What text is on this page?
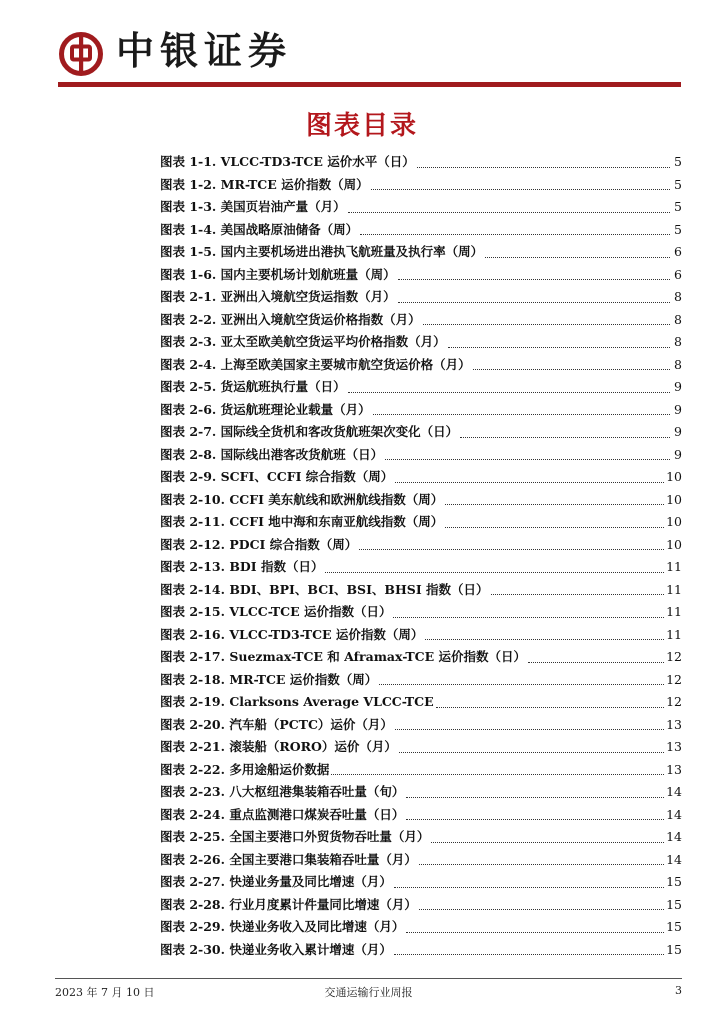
中银证券
图表目录
图表 1-1. VLCC-TD3-TCE 运价水平（日）	5
图表 1-2. MR-TCE 运价指数（周）	5
图表 1-3. 美国页岩油产量（月）	5
图表 1-4. 美国战略原油储备（周）	5
图表 1-5. 国内主要机场进出港执飞航班量及执行率（周）	6
图表 1-6. 国内主要机场计划航班量（周）	6
图表 2-1. 亚洲出入境航空货运指数（月）	8
图表 2-2. 亚洲出入境航空货运价格指数（月）	8
图表 2-3. 亚太至欧美航空货运平均价格指数（月）	8
图表 2-4. 上海至欧美国家主要城市航空货运价格（月）	8
图表 2-5. 货运航班执行量（日）	9
图表 2-6. 货运航班理论业载量（月）	9
图表 2-7. 国际线全货机和客改货航班架次变化（日）	9
图表 2-8. 国际线出港客改货航班（日）	9
图表 2-9. SCFI、CCFI 综合指数（周）	10
图表 2-10. CCFI 美东航线和欧洲航线指数（周）	10
图表 2-11. CCFI 地中海和东南亚航线指数（周）	10
图表 2-12. PDCI 综合指数（周）	10
图表 2-13. BDI 指数（日）	11
图表 2-14. BDI、BPI、BCI、BSI、BHSI 指数（日）	11
图表 2-15. VLCC-TCE 运价指数（日）	11
图表 2-16. VLCC-TD3-TCE 运价指数（周）	11
图表 2-17. Suezmax-TCE 和 Aframax-TCE 运价指数（日）	12
图表 2-18. MR-TCE 运价指数（周）	12
图表 2-19. Clarksons Average VLCC-TCE	12
图表 2-20. 汽车船（PCTC）运价（月）	13
图表 2-21. 滚装船（RORO）运价（月）	13
图表 2-22. 多用途船运价数据	13
图表 2-23. 八大枢纽港集装箱吞吐量（旬）	14
图表 2-24. 重点监测港口煤炭吞吐量（日）	14
图表 2-25. 全国主要港口外贸货物吞吐量（月）	14
图表 2-26. 全国主要港口集装箱吞吐量（月）	14
图表 2-27. 快递业务量及同比增速（月）	15
图表 2-28. 行业月度累计件量同比增速（月）	15
图表 2-29. 快递业务收入及同比增速（月）	15
图表 2-30. 快递业务收入累计增速（月）	15
2023 年 7 月 10 日	交通运输行业周报	3
